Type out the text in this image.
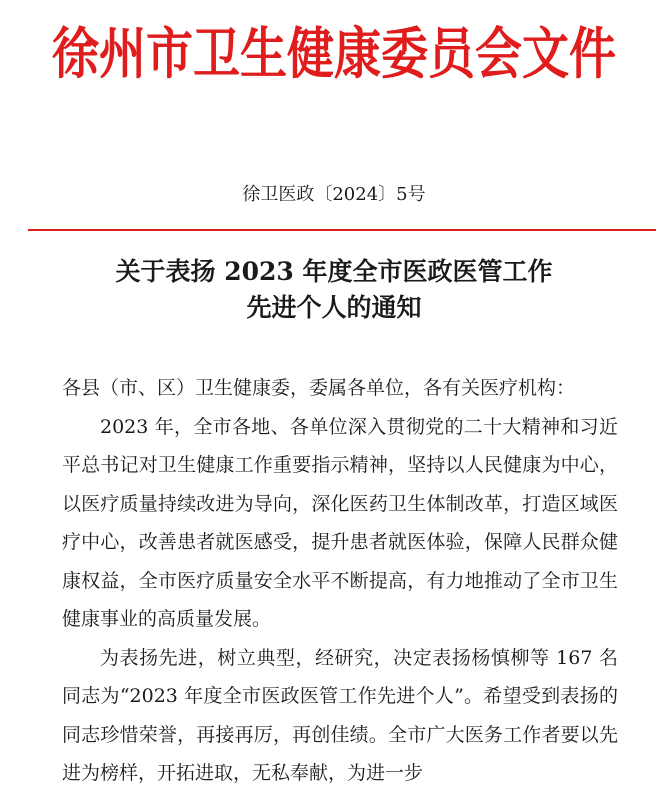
徐州市卫生健康委员会文件
徐卫医政〔2024〕5号
关于表扬 2023 年度全市医政医管工作
先进个人的通知

各县（市、区）卫生健康委，委属各单位，各有关医疗机构：

2023 年，全市各地、各单位深入贯彻党的二十大精神和习近平总书记对卫生健康工作重要指示精神，坚持以人民健康为中心，以医疗质量持续改进为导向，深化医药卫生体制改革，打造区域医疗中心，改善患者就医感受，提升患者就医体验，保障人民群众健康权益，全市医疗质量安全水平不断提高，有力地推动了全市卫生健康事业的高质量发展。

为表扬先进，树立典型，经研究，决定表扬杨慎柳等 167 名同志为“2023 年度全市医政医管工作先进个人”。希望受到表扬的同志珍惜荣誉，再接再厉，再创佳绩。全市广大医务工作者要以先进为榜样，开拓进取，无私奉献，为进一步
